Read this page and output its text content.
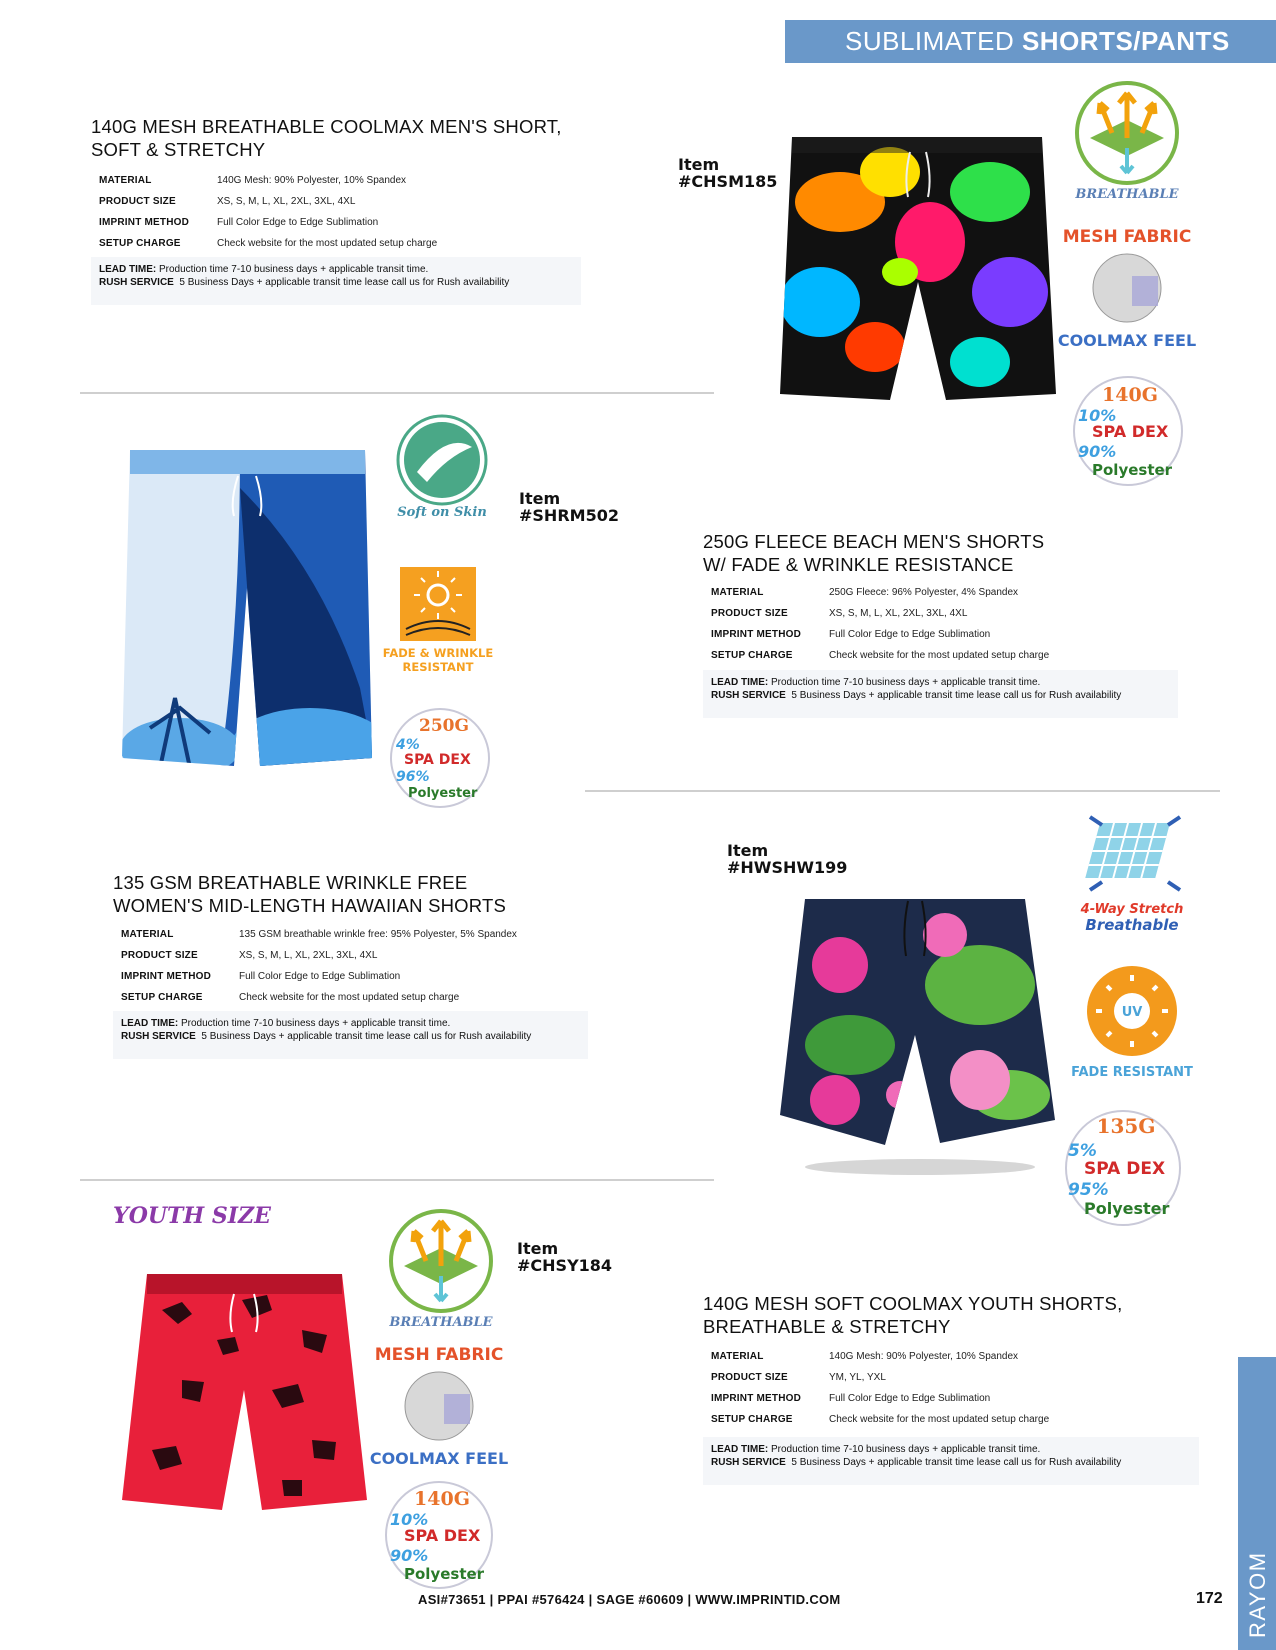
SUBLIMATED SHORTS/PANTS
140G MESH BREATHABLE COOLMAX MEN'S SHORT,
SOFT & STRETCHY
MATERIAL	140G Mesh: 90% Polyester, 10% Spandex
PRODUCT SIZE	XS, S, M, L, XL, 2XL, 3XL, 4XL
IMPRINT METHOD	Full Color Edge to Edge Sublimation
SETUP CHARGE	Check website for the most updated setup charge
LEAD TIME: Production time 7-10 business days + applicable transit time.
RUSH SERVICE 5 Business Days + applicable transit time lease call us for Rush availability
Item
#CHSM185
BREATHABLE
MESH FABRIC
COOLMAX FEEL
140G
10%
SPA DEX
90%
Polyester
Soft on Skin
FADE & WRINKLE
RESISTANT
250G
4%
SPA DEX
96%
Polyester
Item
#SHRM502
250G FLEECE BEACH MEN'S SHORTS
W/ FADE & WRINKLE RESISTANCE
MATERIAL	250G Fleece: 96% Polyester, 4% Spandex
PRODUCT SIZE	XS, S, M, L, XL, 2XL, 3XL, 4XL
IMPRINT METHOD	Full Color Edge to Edge Sublimation
SETUP CHARGE	Check website for the most updated setup charge
LEAD TIME: Production time 7-10 business days + applicable transit time.
RUSH SERVICE 5 Business Days + applicable transit time lease call us for Rush availability
Item
#HWSHW199
135 GSM BREATHABLE WRINKLE FREE
WOMEN'S MID-LENGTH HAWAIIAN SHORTS
MATERIAL	135 GSM breathable wrinkle free: 95% Polyester, 5% Spandex
PRODUCT SIZE	XS, S, M, L, XL, 2XL, 3XL, 4XL
IMPRINT METHOD	Full Color Edge to Edge Sublimation
SETUP CHARGE	Check website for the most updated setup charge
LEAD TIME: Production time 7-10 business days + applicable transit time.
RUSH SERVICE 5 Business Days + applicable transit time lease call us for Rush availability
4-Way Stretch
Breathable
UV
FADE RESISTANT
135G
5%
SPA DEX
95%
Polyester
YOUTH SIZE
BREATHABLE
MESH FABRIC
COOLMAX FEEL
140G
10%
SPA DEX
90%
Polyester
Item
#CHSY184
140G MESH SOFT COOLMAX YOUTH SHORTS,
BREATHABLE & STRETCHY
MATERIAL	140G Mesh: 90% Polyester, 10% Spandex
PRODUCT SIZE	YM, YL, YXL
IMPRINT METHOD	Full Color Edge to Edge Sublimation
SETUP CHARGE	Check website for the most updated setup charge
LEAD TIME: Production time 7-10 business days + applicable transit time.
RUSH SERVICE 5 Business Days + applicable transit time lease call us for Rush availability
ASI#73651 | PPAI #576424 | SAGE #60609 | WWW.IMPRINTID.COM	172 RAYOM
